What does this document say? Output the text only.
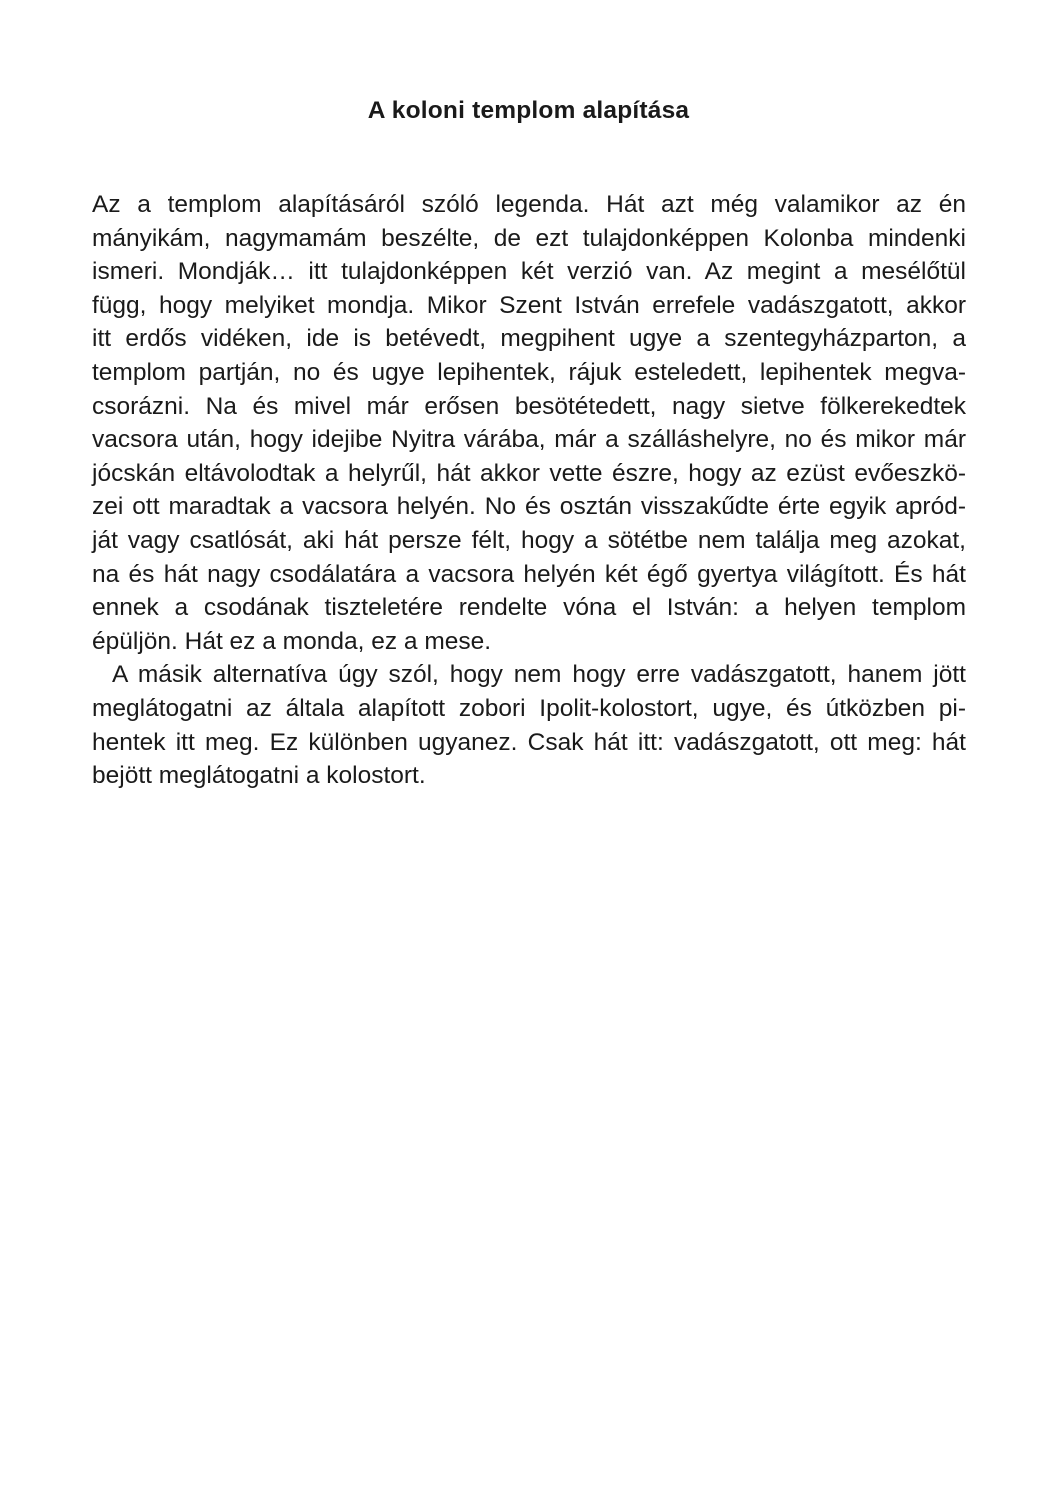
A koloni templom alapítása
Az a templom alapításáról szóló legenda. Hát azt még valamikor az én
mányikám, nagymamám beszélte, de ezt tulajdonképpen Kolonba mindenki
ismeri. Mondják… itt tulajdonképpen két verzió van. Az megint a mesélőtül
függ, hogy melyiket mondja. Mikor Szent István errefele vadászgatott, akkor
itt erdős vidéken, ide is betévedt, megpihent ugye a szentegyházparton, a
templom partján, no és ugye lepihentek, rájuk esteledett, lepihentek megva-
csorázni. Na és mivel már erősen besötétedett, nagy sietve fölkerekedtek
vacsora után, hogy idejibe Nyitra várába, már a szálláshelyre, no és mikor már
jócskán eltávolodtak a helyrűl, hát akkor vette észre, hogy az ezüst evőeszkö-
zei ott maradtak a vacsora helyén. No és osztán visszakűdte érte egyik apród-
ját vagy csatlósát, aki hát persze félt, hogy a sötétbe nem találja meg azokat,
na és hát nagy csodálatára a vacsora helyén két égő gyertya világított. És hát
ennek a csodának tiszteletére rendelte vóna el István: a helyen templom
épüljön. Hát ez a monda, ez a mese.
A másik alternatíva úgy szól, hogy nem hogy erre vadászgatott, hanem jött
meglátogatni az általa alapított zobori Ipolit-kolostort, ugye, és útközben pi-
hentek itt meg. Ez különben ugyanez. Csak hát itt: vadászgatott, ott meg: hát
bejött meglátogatni a kolostort.
